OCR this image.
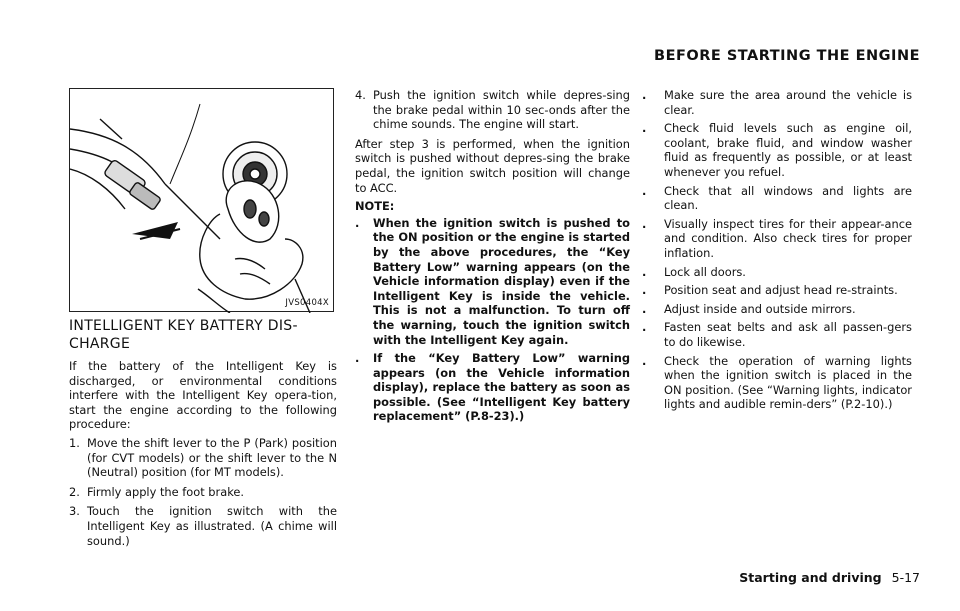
BEFORE STARTING THE ENGINE
JVS0404X
INTELLIGENT KEY BATTERY DIS-CHARGE

If the battery of the Intelligent Key is discharged, or environmental conditions interfere with the Intelligent Key opera-tion, start the engine according to the following procedure:

1. Move the shift lever to the P (Park) position (for CVT models) or the shift lever to the N (Neutral) position (for MT models).
2. Firmly apply the foot brake.
3. Touch the ignition switch with the Intelligent Key as illustrated. (A chime will sound.)
4. Push the ignition switch while depres-sing the brake pedal within 10 sec-onds after the chime sounds. The engine will start.

After step 3 is performed, when the ignition switch is pushed without depres-sing the brake pedal, the ignition switch position will change to ACC.

NOTE:
. When the ignition switch is pushed to the ON position or the engine is started by the above procedures, the “Key Battery Low” warning appears (on the Vehicle information display) even if the Intelligent Key is inside the vehicle. This is not a malfunction. To turn off the warning, touch the ignition switch with the Intelligent Key again.
. If the “Key Battery Low” warning appears (on the Vehicle information display), replace the battery as soon as possible. (See “Intelligent Key battery replacement” (P.8-23).)
. Make sure the area around the vehicle is clear.
. Check fluid levels such as engine oil, coolant, brake fluid, and window washer fluid as frequently as possible, or at least whenever you refuel.
. Check that all windows and lights are clean.
. Visually inspect tires for their appear-ance and condition. Also check tires for proper inflation.
. Lock all doors.
. Position seat and adjust head re-straints.
. Adjust inside and outside mirrors.
. Fasten seat belts and ask all passen-gers to do likewise.
. Check the operation of warning lights when the ignition switch is placed in the ON position. (See “Warning lights, indicator lights and audible remin-ders” (P.2-10).)
Starting and driving 5-17
